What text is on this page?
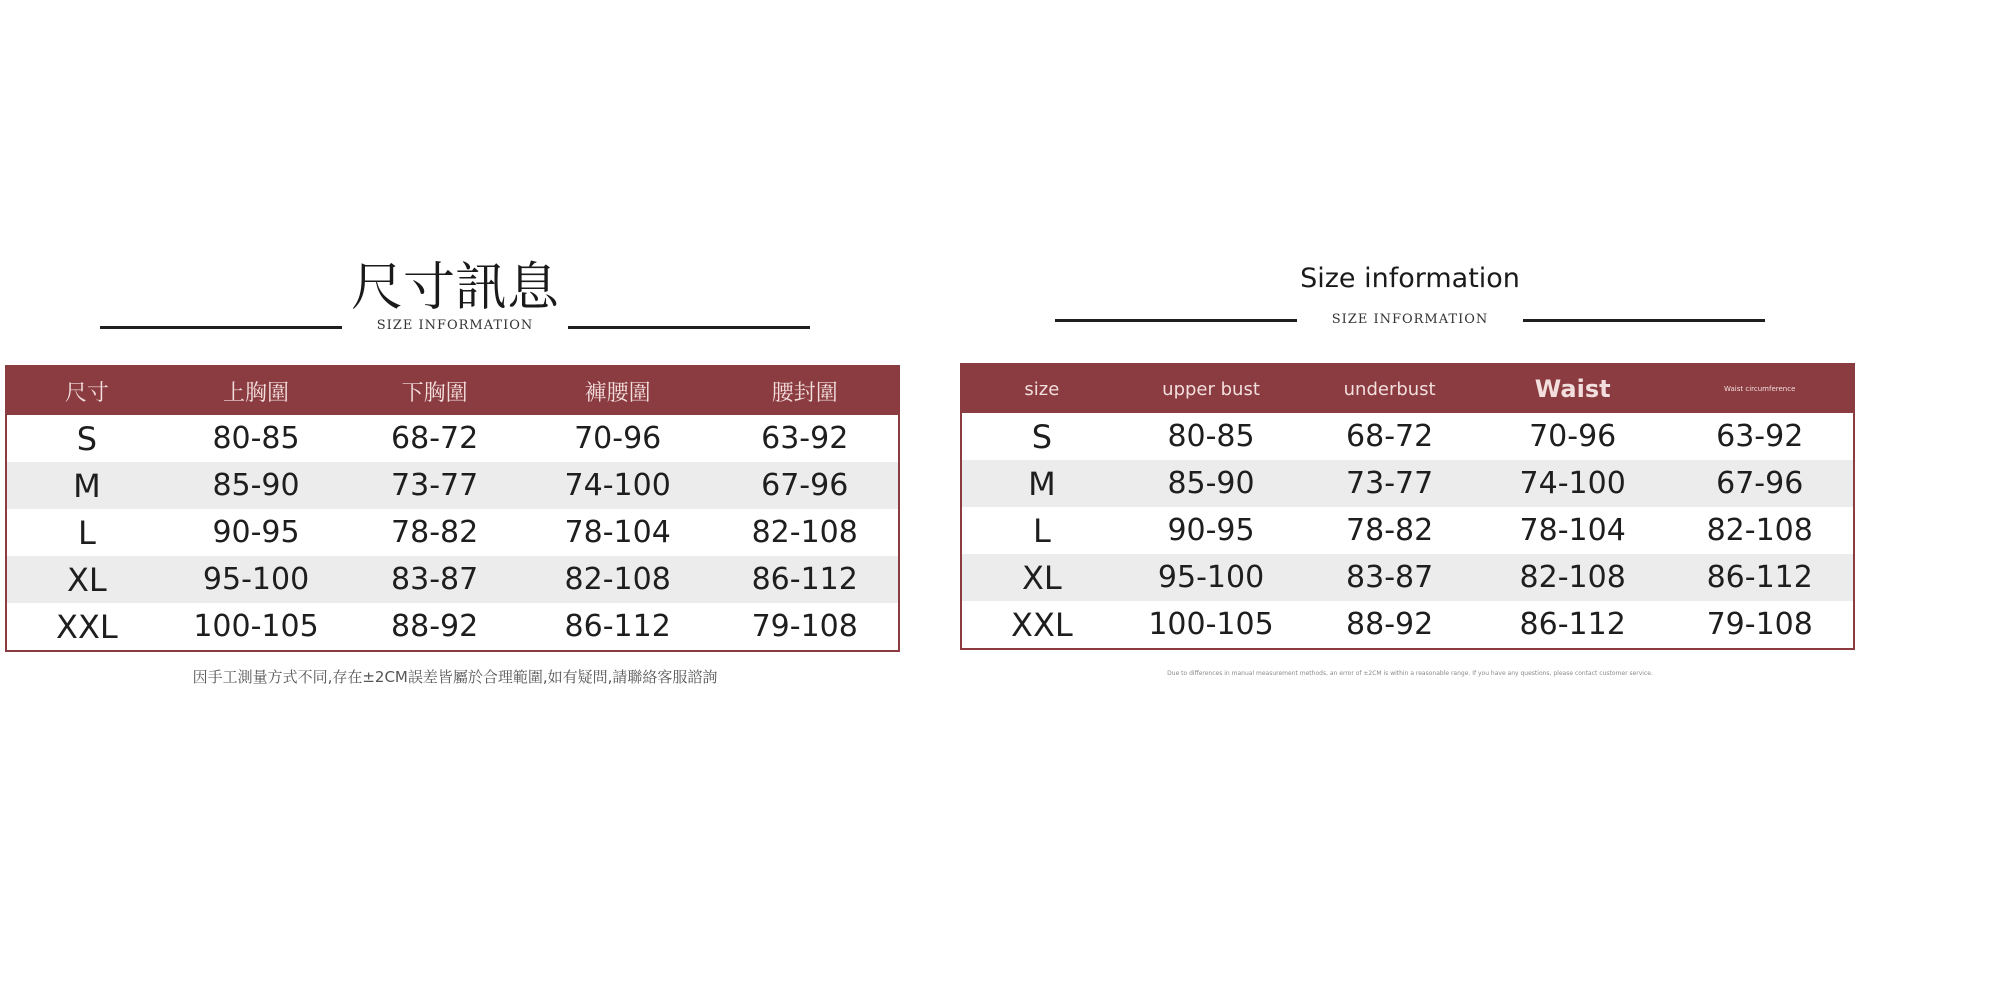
尺寸訊息
SIZE INFORMATION
尺寸	上胸圍	下胸圍	褲腰圍	腰封圍
S	80-85	68-72	70-96	63-92
M	85-90	73-77	74-100	67-96
L	90-95	78-82	78-104	82-108
XL	95-100	83-87	82-108	86-112
XXL	100-105	88-92	86-112	79-108
因手工測量方式不同,存在±2CM誤差皆屬於合理範圍,如有疑問,請聯絡客服諮詢
Size information
SIZE INFORMATION
size	upper bust	underbust	Waist	Waist circumference
S	80-85	68-72	70-96	63-92
M	85-90	73-77	74-100	67-96
L	90-95	78-82	78-104	82-108
XL	95-100	83-87	82-108	86-112
XXL	100-105	88-92	86-112	79-108
Due to differences in manual measurement methods, an error of ±2CM is within a reasonable range. If you have any questions, please contact customer service.
